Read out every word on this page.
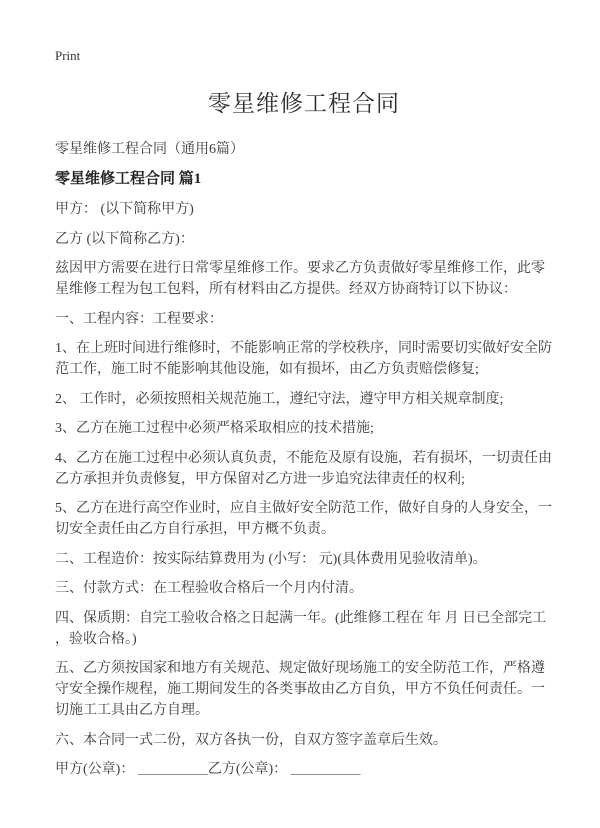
Print
零星维修工程合同

零星维修工程合同（通用6篇）

零星维修工程合同 篇1

甲方： (以下简称甲方)

乙方 (以下简称乙方)：

兹因甲方需要在进行日常零星维修工作。要求乙方负责做好零星维修工作，此零星维修工程为包工包料，所有材料由乙方提供。经双方协商特订以下协议：

一、工程内容：工程要求：

1、在上班时间进行维修时，不能影响正常的学校秩序，同时需要切实做好安全防范工作，施工时不能影响其他设施，如有损坏，由乙方负责赔偿修复;

2、 工作时，必须按照相关规范施工，遵纪守法，遵守甲方相关规章制度;

3、乙方在施工过程中必须严格采取相应的技术措施;

4、乙方在施工过程中必须认真负责，不能危及原有设施，若有损坏，一切责任由乙方承担并负责修复，甲方保留对乙方进一步追究法律责任的权利;

5、乙方在进行高空作业时，应自主做好安全防范工作，做好自身的人身安全，一切安全责任由乙方自行承担，甲方概不负责。

二、工程造价：按实际结算费用为 (小写： 元)(具体费用见验收清单)。

三、付款方式：在工程验收合格后一个月内付清。

四、保质期：自完工验收合格之日起满一年。(此维修工程在 年 月 日已全部完工 ，验收合格。)

五、乙方须按国家和地方有关规范、规定做好现场施工的安全防范工作，严格遵守安全操作规程，施工期间发生的各类事故由乙方自负，甲方不负任何责任。一切施工工具由乙方自理。

六、本合同一式二份，双方各执一份，自双方签字盖章后生效。

甲方(公章)： ＿＿＿＿＿乙方(公章)： ＿＿＿＿＿
